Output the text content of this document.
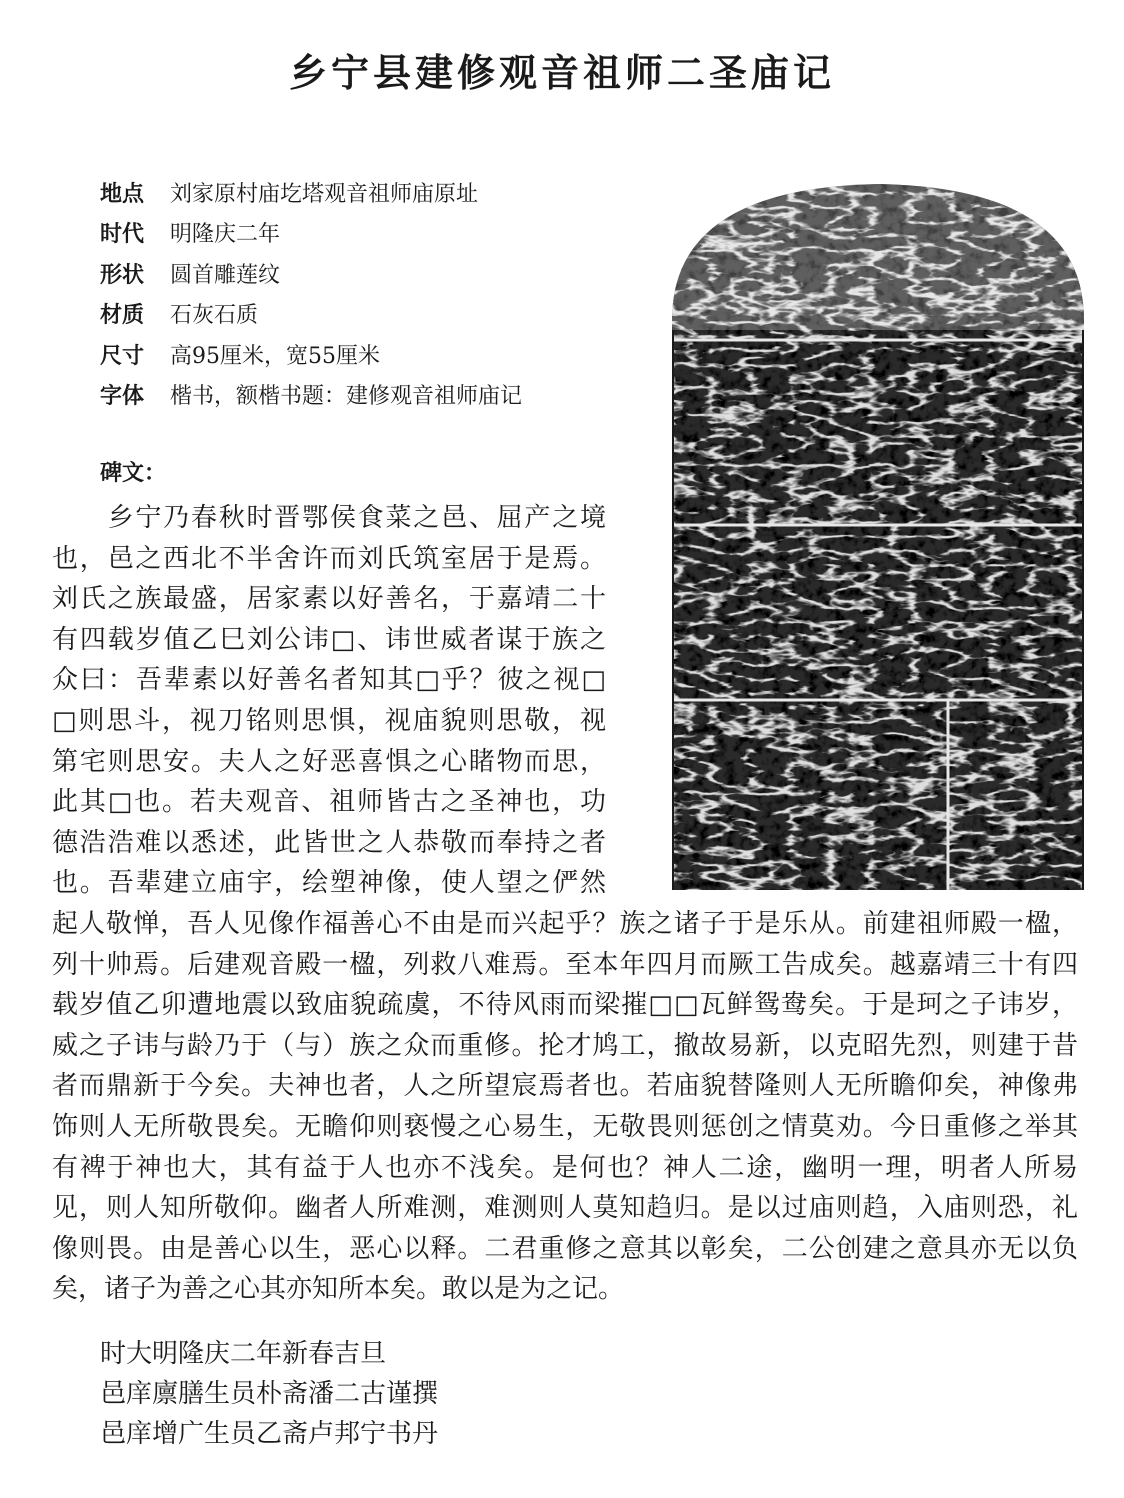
乡宁县建修观音祖师二圣庙记
地点	刘家原村庙圪塔观音祖师庙原址
时代	明隆庆二年
形状	圆首雕莲纹
材质	石灰石质
尺寸	高95厘米，宽55厘米
字体	楷书，额楷书题：建修观音祖师庙记
碑文：

　　乡宁乃春秋时晋鄂侯食菜之邑、屈产之境
也，邑之西北不半舍许而刘氏筑室居于是焉。
刘氏之族最盛，居家素以好善名，于嘉靖二十
有四载岁值乙巳刘公讳□、讳世威者谋于族之
众曰：吾辈素以好善名者知其□乎？彼之视□
□则思斗，视刀铭则思惧，视庙貌则思敬，视
第宅则思安。夫人之好恶喜惧之心睹物而思，
此其□也。若夫观音、祖师皆古之圣神也，功
德浩浩难以悉述，此皆世之人恭敬而奉持之者
也。吾辈建立庙宇，绘塑神像，使人望之俨然

起人敬惮，吾人见像作福善心不由是而兴起乎？族之诸子于是乐从。前建祖师殿一楹，
列十帅焉。后建观音殿一楹，列救八难焉。至本年四月而厥工告成矣。越嘉靖三十有四
载岁值乙卯遭地震以致庙貌疏虞，不待风雨而梁摧□□瓦鲜鸳鸯矣。于是珂之子讳岁，
威之子讳与龄乃于（与）族之众而重修。抡才鸠工，撤故易新，以克昭先烈，则建于昔
者而鼎新于今矣。夫神也者，人之所望宸焉者也。若庙貌替隆则人无所瞻仰矣，神像弗
饰则人无所敬畏矣。无瞻仰则亵慢之心易生，无敬畏则惩创之情莫劝。今日重修之举其
有裨于神也大，其有益于人也亦不浅矣。是何也？神人二途，幽明一理，明者人所易
见，则人知所敬仰。幽者人所难测，难测则人莫知趋归。是以过庙则趋，入庙则恐，礼
像则畏。由是善心以生，恶心以释。二君重修之意其以彰矣，二公创建之意具亦无以负

矣，诸子为善之心其亦知所本矣。敢以是为之记。

时大明隆庆二年新春吉旦
邑庠廪膳生员朴斋潘二古谨撰
邑庠增广生员乙斋卢邦宁书丹
